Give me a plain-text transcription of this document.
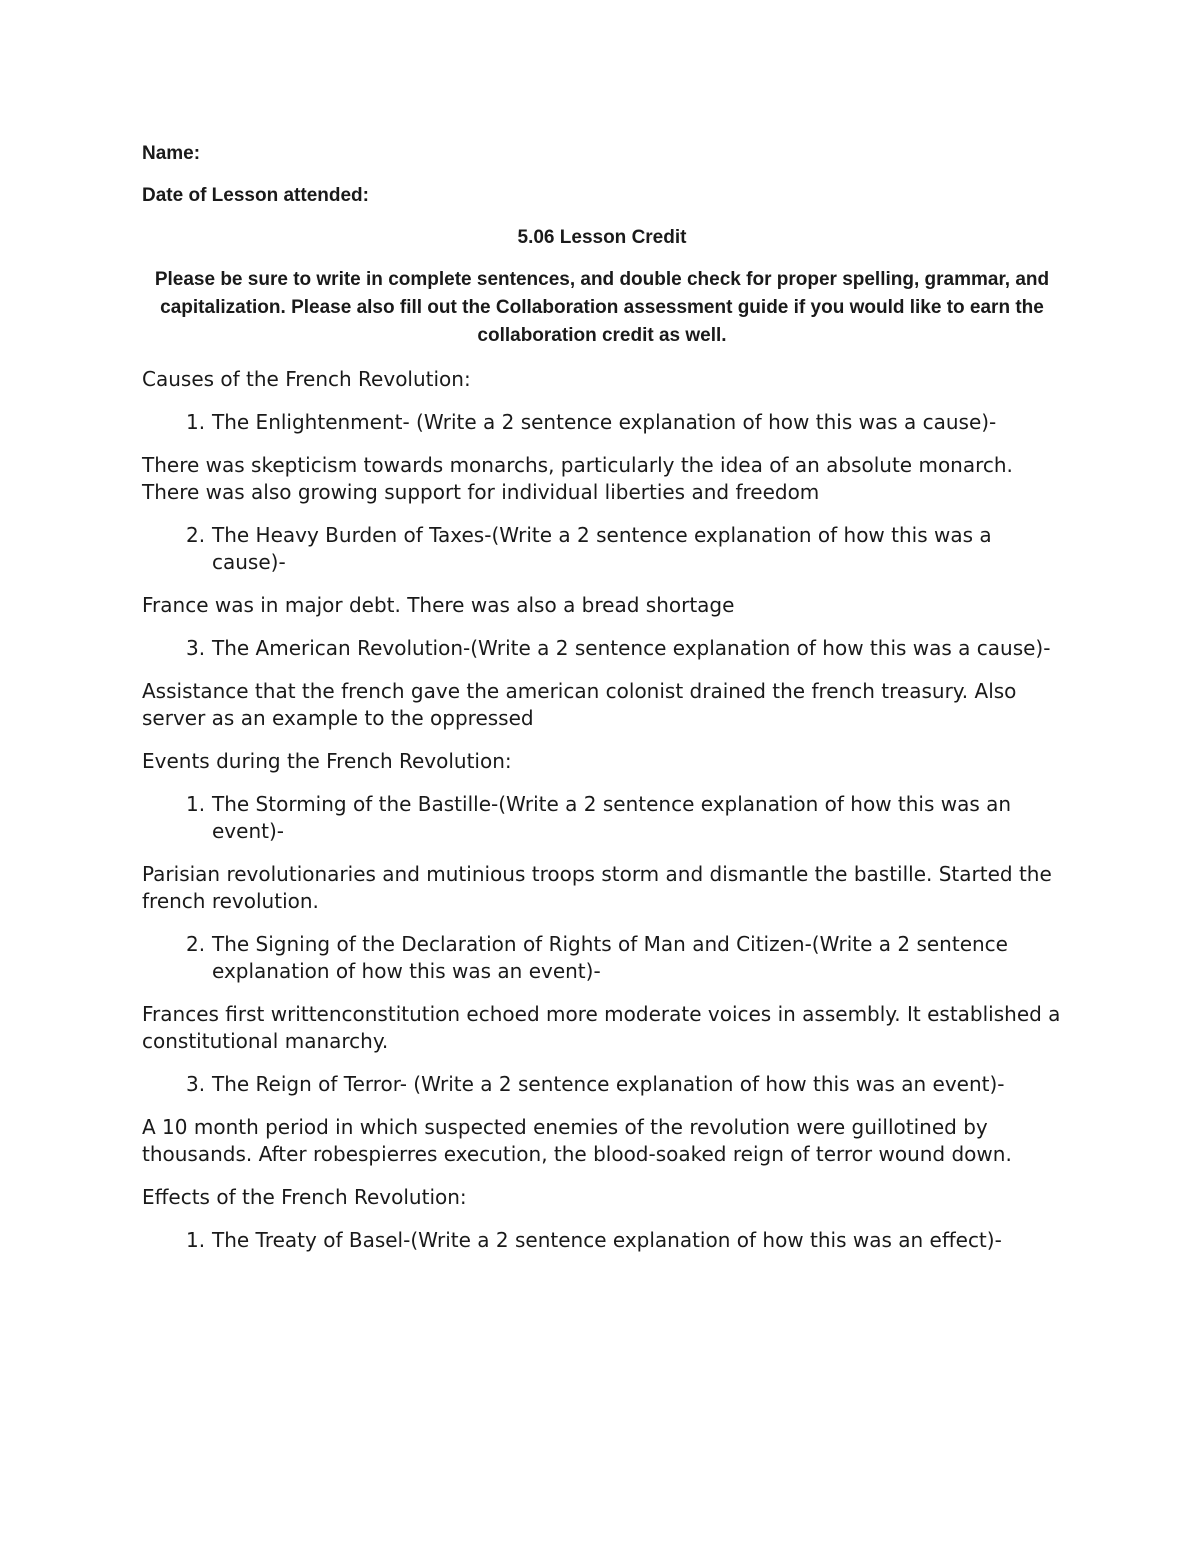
Name:
Date of Lesson attended:
5.06 Lesson Credit
Please be sure to write in complete sentences, and double check for proper spelling, grammar, and capitalization. Please also fill out the Collaboration assessment guide if you would like to earn the collaboration credit as well.
Causes of the French Revolution:
1. The Enlightenment- (Write a 2 sentence explanation of how this was a cause)-
There was skepticism towards monarchs, particularly the idea of an absolute monarch. There was also growing support for individual liberties and freedom
2. The Heavy Burden of Taxes-(Write a 2 sentence explanation of how this was a cause)-
France was in major debt. There was also a bread shortage
3. The American Revolution-(Write a 2 sentence explanation of how this was a cause)-
Assistance that the french gave the american colonist drained the french treasury. Also server as an example to the oppressed
Events during the French Revolution:
1. The Storming of the Bastille-(Write a 2 sentence explanation of how this was an event)-
Parisian revolutionaries and mutinious troops storm and dismantle the bastille. Started the french revolution.
2. The Signing of the Declaration of Rights of Man and Citizen-(Write a 2 sentence explanation of how this was an event)-
Frances first writtenconstitution echoed more moderate voices in assembly. It established a constitutional manarchy.
3. The Reign of Terror- (Write a 2 sentence explanation of how this was an event)-
A 10 month period in which suspected enemies of the revolution were guillotined by thousands. After robespierres execution, the blood-soaked reign of terror wound down.
Effects of the French Revolution:
1. The Treaty of Basel-(Write a 2 sentence explanation of how this was an effect)-
